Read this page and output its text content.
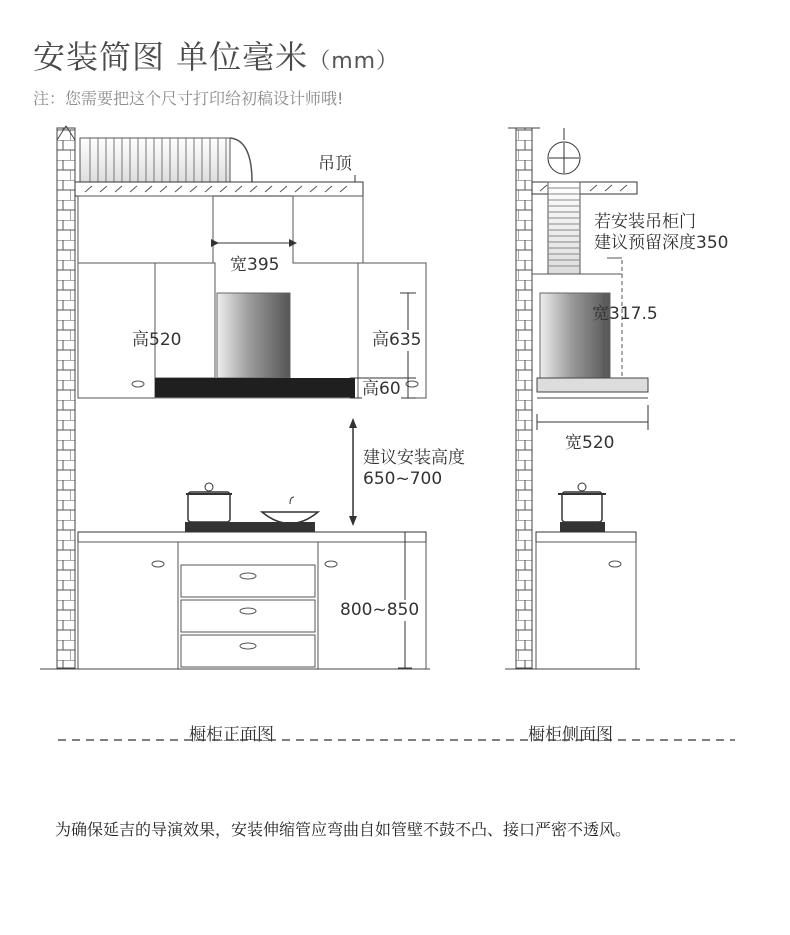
安装简图 单位毫米（mm）
注：您需要把这个尺寸打印给初稿设计师哦!
吊顶
宽395
高520	高635
高60
建议安装高度
650~700
800~850
若安装吊柜门
建议预留深度350
宽317.5
宽520
橱柜正面图	橱柜侧面图
为确保延吉的导演效果，安装伸缩管应弯曲自如管壁不鼓不凸、接口严密不透风。
